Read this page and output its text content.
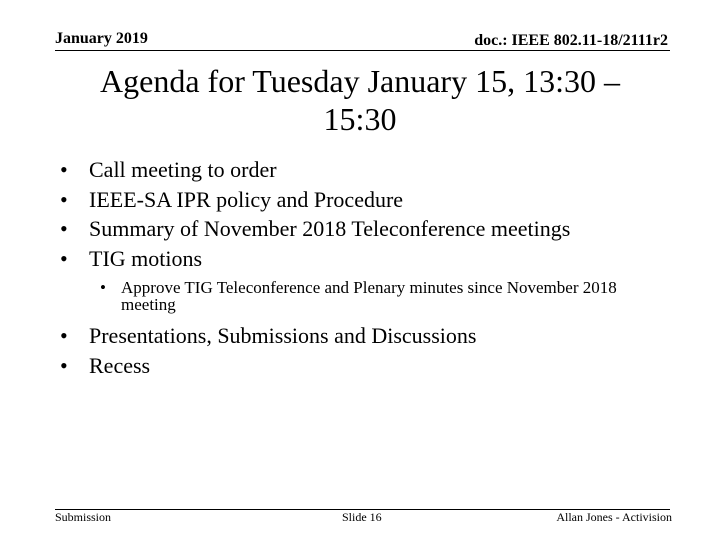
January 2019	doc.: IEEE 802.11-18/2111r2
Agenda for Tuesday January 15, 13:30 – 15:30
• Call meeting to order
• IEEE-SA IPR policy and Procedure
• Summary of November 2018 Teleconference meetings
• TIG motions
• Approve TIG Teleconference and Plenary minutes since November 2018 meeting
• Presentations, Submissions and Discussions
• Recess
Submission	Slide 16	Allan Jones - Activision
